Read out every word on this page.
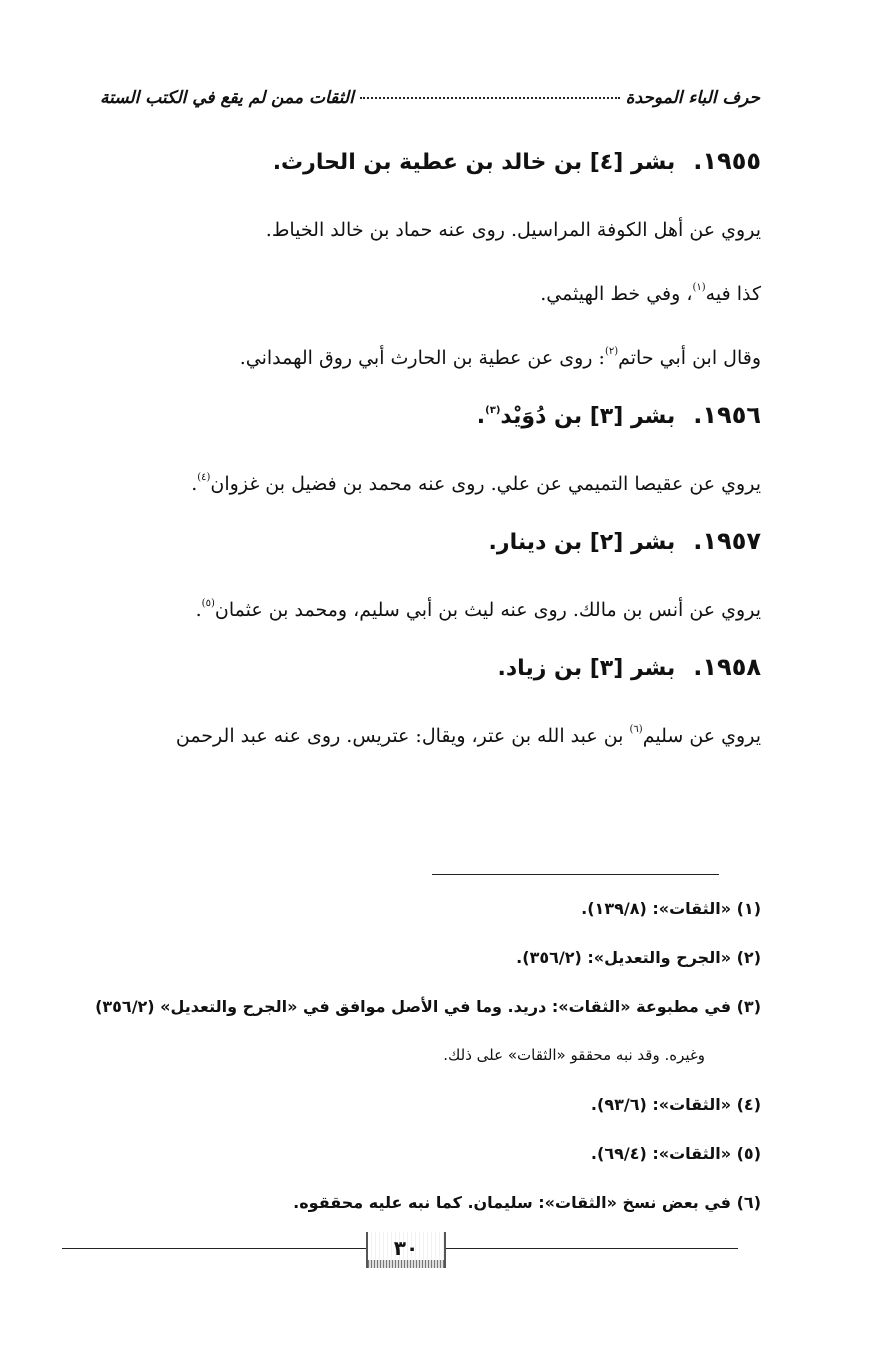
حرف الباء الموحدة
الثقات ممن لم يقع في الكتب الستة
١٩٥٥.بشر [٤] بن خالد بن عطية بن الحارث.
يروي عن أهل الكوفة المراسيل. روى عنه حماد بن خالد الخياط.
كذا فيه$^{(١)}$، وفي خط الهيثمي.
وقال ابن أبي حاتم$^{(٢)}$: روى عن عطية بن الحارث أبي روق الهمداني.
١٩٥٦.بشر [٣] بن دُوَيْد$^{(٣)}$.
يروي عن عقيصا التميمي عن علي. روى عنه محمد بن فضيل بن غزوان$^{(٤)}$.
١٩٥٧.بشر [٢] بن دينار.
يروي عن أنس بن مالك. روى عنه ليث بن أبي سليم، ومحمد بن عثمان$^{(٥)}$.
١٩٥٨.بشر [٣] بن زياد.
يروي عن سليم$^{(٦)}$ بن عبد الله بن عتر، ويقال: عتريس. روى عنه عبد الرحمن
(١) «الثقات»: (١٣٩/٨).
(٢) «الجرح والتعديل»: (٣٥٦/٢).
(٣) في مطبوعة «الثقات»: دريد. وما في الأصل موافق في «الجرح والتعديل» (٣٥٦/٢)
وغيره. وقد نبه محققو «الثقات» على ذلك.
(٤) «الثقات»: (٩٣/٦).
(٥) «الثقات»: (٦٩/٤).
(٦) في بعض نسخ «الثقات»: سليمان. كما نبه عليه محققوه.
٣٠
